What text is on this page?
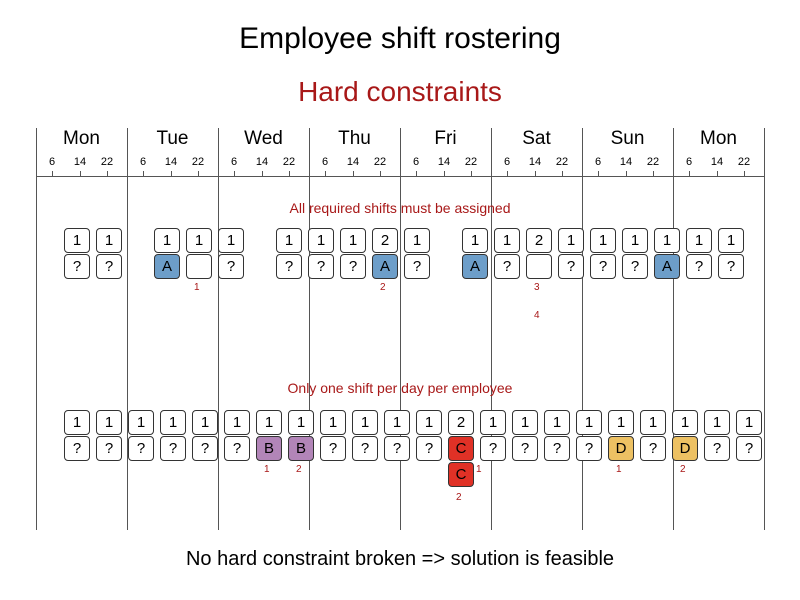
Employee shift rostering
Hard constraints
Mon
6	14	22
Tue
6	14	22
Wed
6	14	22
Thu
6	14	22
Fri
6	14	22
Sat
6	14	22
Sun
6	14	22
Mon
6	14	22
All required shifts must be assigned
1
?
1
?
1
A
1
1
1
?
1
?
1
?
1
?
2
A
2
1
?
1
A
1
?
2
3
4
1
?
1
?
1
?
1
A
1
?
1
?
Only one shift per day per employee
1
?
1
?
1
?
1
?
1
?
1
?
1
B
1
1
B
2
1
?
1
?
1
?
1
?
2
C
C 1
2
1
?
1
?
1
?
1
?
1
D
1
1
?
1
D
2
1
?
1
?
No hard constraint broken => solution is feasible
